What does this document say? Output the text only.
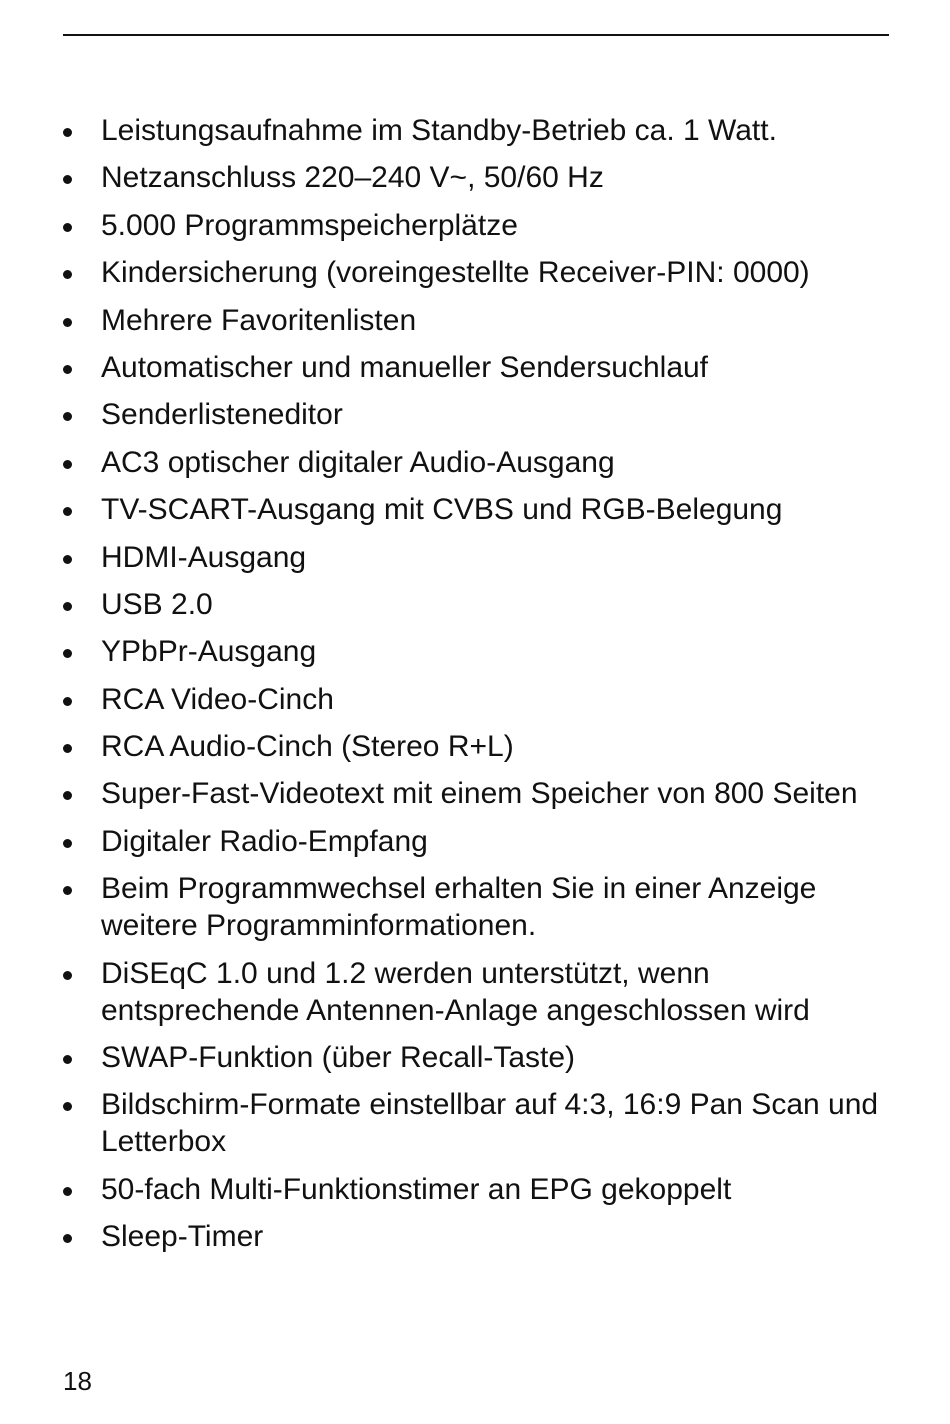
Leistungsaufnahme im Standby-Betrieb ca. 1 Watt.
Netzanschluss 220–240 V~, 50/60 Hz
5.000 Programmspeicherplätze
Kindersicherung (voreingestellte Receiver-PIN: 0000)
Mehrere Favoritenlisten
Automatischer und manueller Sendersuchlauf
Senderlisteneditor
AC3 optischer digitaler Audio-Ausgang
TV-SCART-Ausgang mit CVBS und RGB-Belegung
HDMI-Ausgang
USB 2.0
YPbPr-Ausgang
RCA Video-Cinch
RCA Audio-Cinch (Stereo R+L)
Super-Fast-Videotext mit einem Speicher von 800 Seiten
Digitaler Radio-Empfang
Beim Programmwechsel erhalten Sie in einer Anzeige weitere Programminformationen.
DiSEqC 1.0 und 1.2 werden unterstützt, wenn entsprechende Antennen-Anlage angeschlossen wird
SWAP-Funktion (über Recall-Taste)
Bildschirm-Formate einstellbar auf 4:3, 16:9 Pan Scan und Letterbox
50-fach Multi-Funktionstimer an EPG gekoppelt
Sleep-Timer
18
